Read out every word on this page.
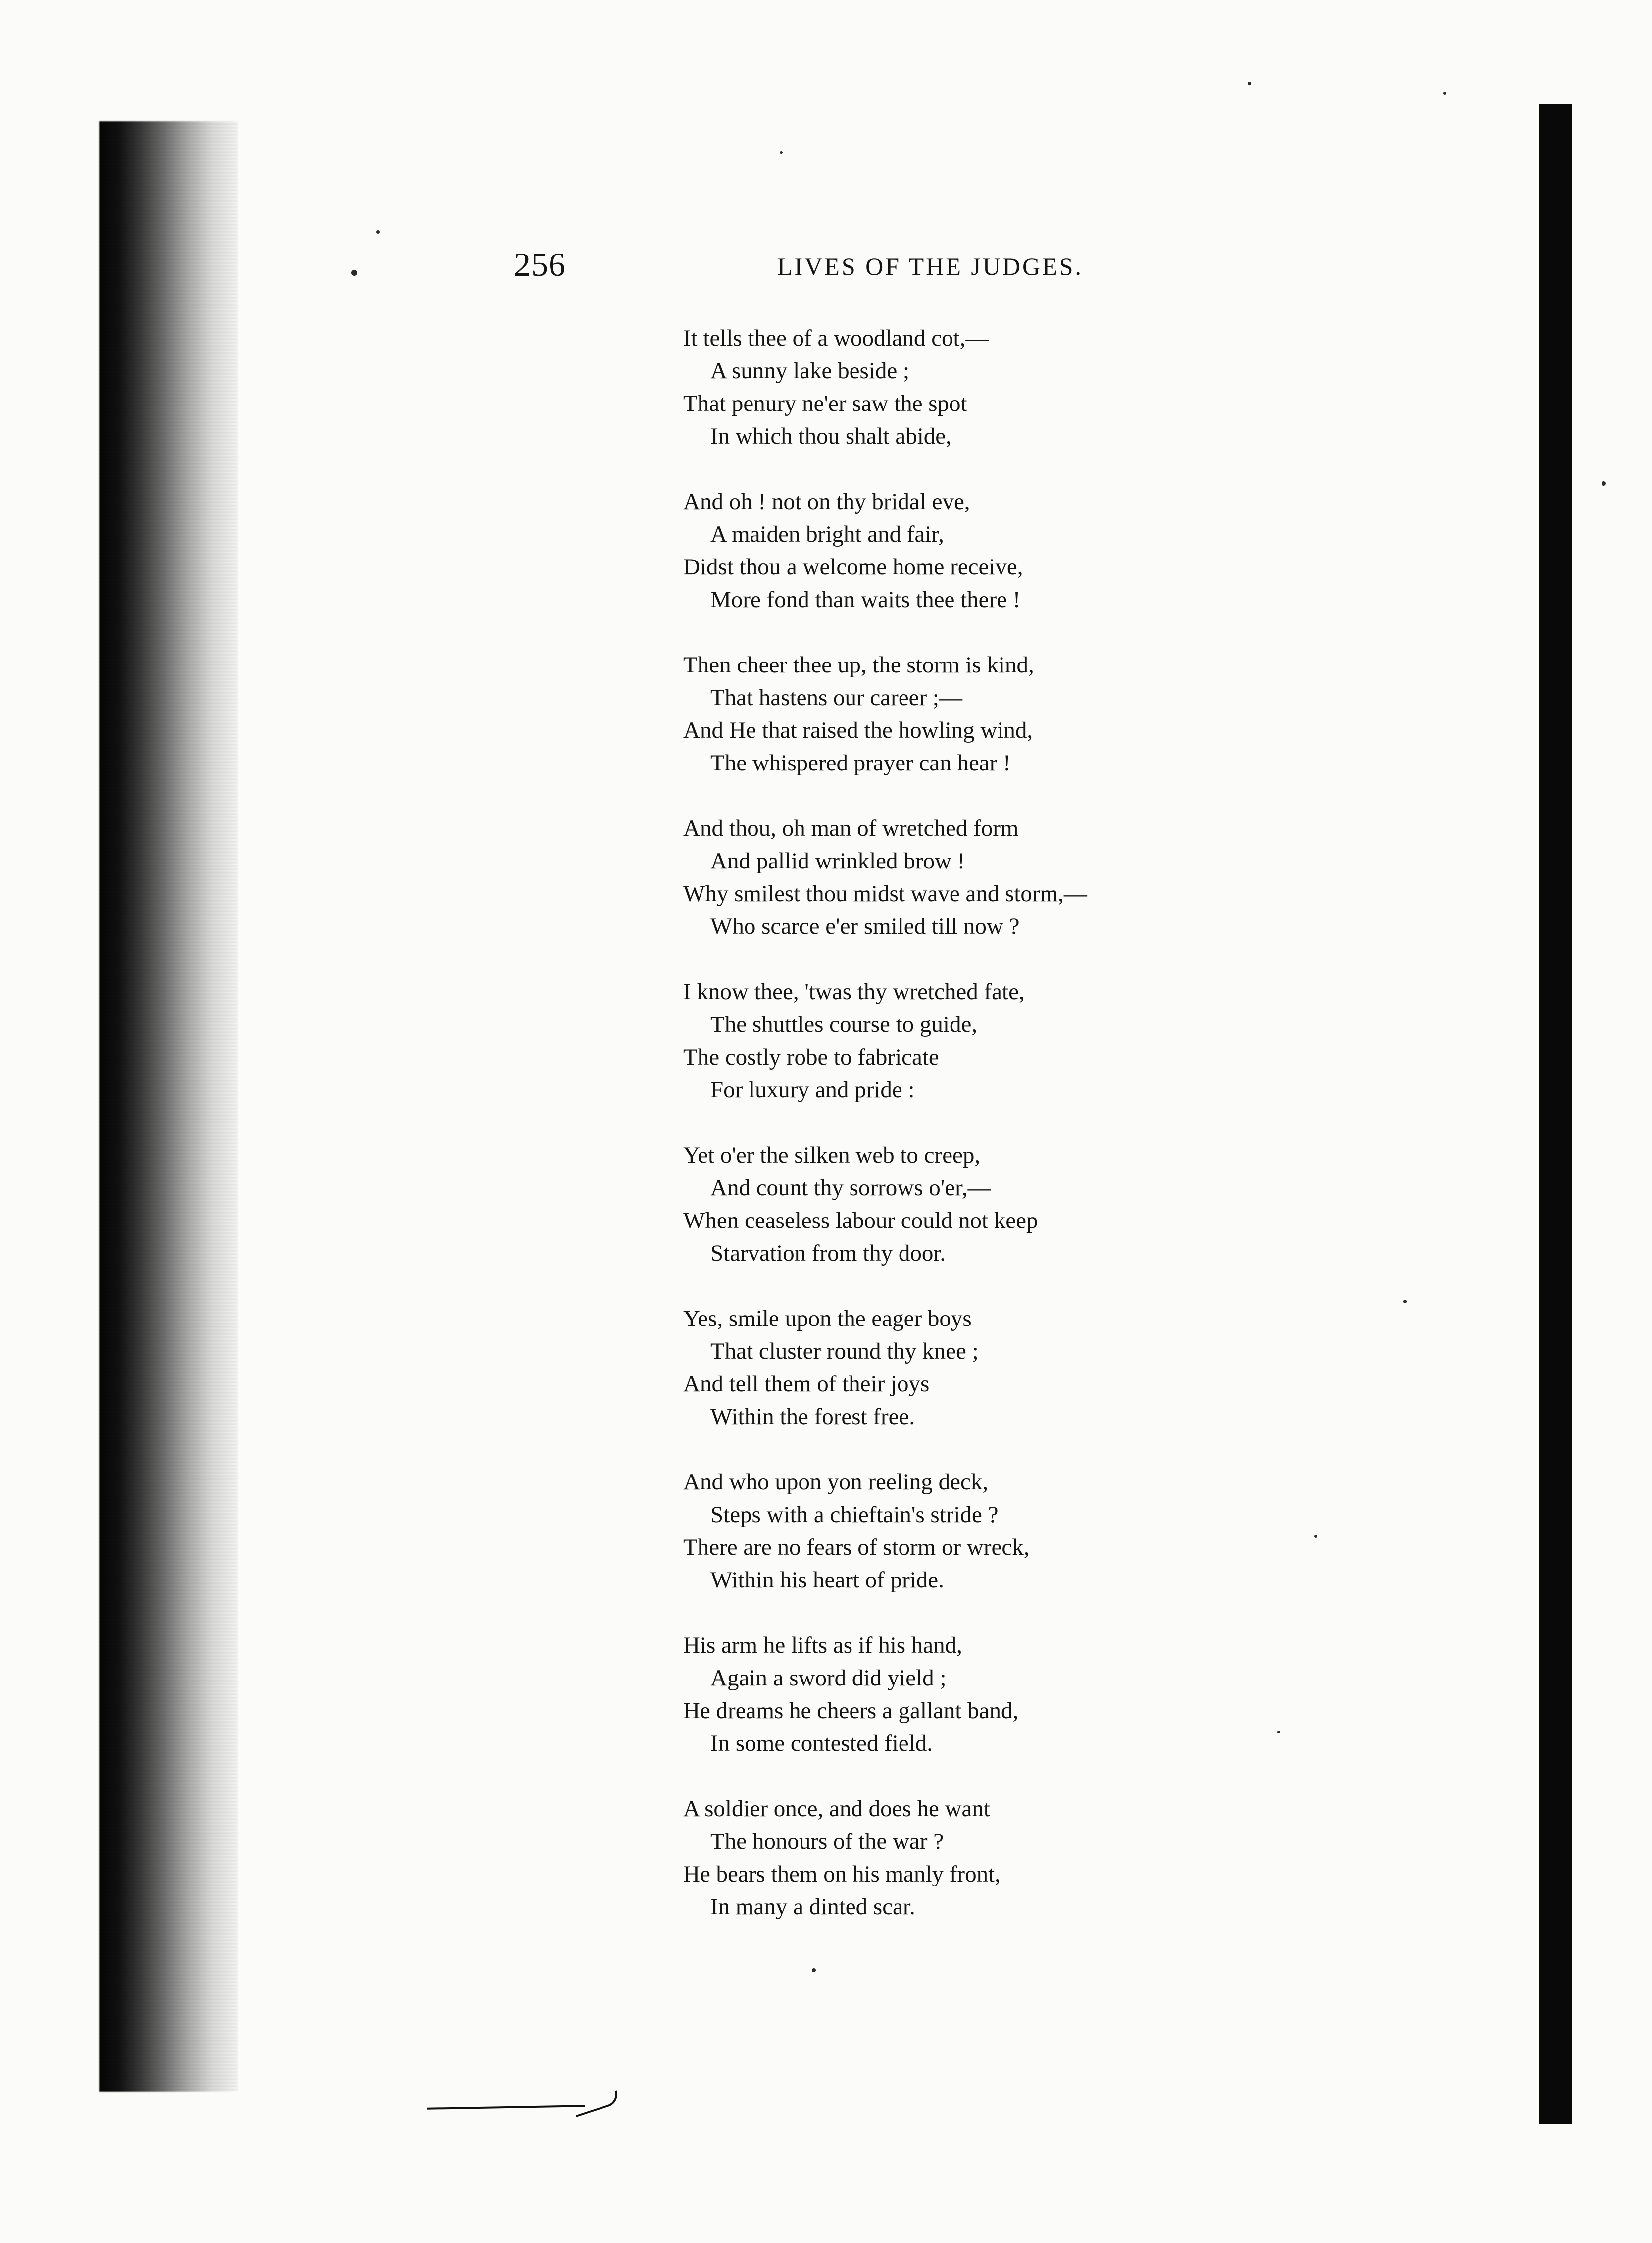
256	LIVES OF THE JUDGES.
It tells thee of a woodland cot,—
A sunny lake beside ;
That penury ne'er saw the spot
In which thou shalt abide,
And oh ! not on thy bridal eve,
A maiden bright and fair,
Didst thou a welcome home receive,
More fond than waits thee there !
Then cheer thee up, the storm is kind,
That hastens our career ;—
And He that raised the howling wind,
The whispered prayer can hear !
And thou, oh man of wretched form
And pallid wrinkled brow !
Why smilest thou midst wave and storm,—
Who scarce e'er smiled till now ?
I know thee, 'twas thy wretched fate,
The shuttles course to guide,
The costly robe to fabricate
For luxury and pride :
Yet o'er the silken web to creep,
And count thy sorrows o'er,—
When ceaseless labour could not keep
Starvation from thy door.
Yes, smile upon the eager boys
That cluster round thy knee ;
And tell them of their joys
Within the forest free.
And who upon yon reeling deck,
Steps with a chieftain's stride ?
There are no fears of storm or wreck,
Within his heart of pride.
His arm he lifts as if his hand,
Again a sword did yield ;
He dreams he cheers a gallant band,
In some contested field.
A soldier once, and does he want
The honours of the war ?
He bears them on his manly front,
In many a dinted scar.
